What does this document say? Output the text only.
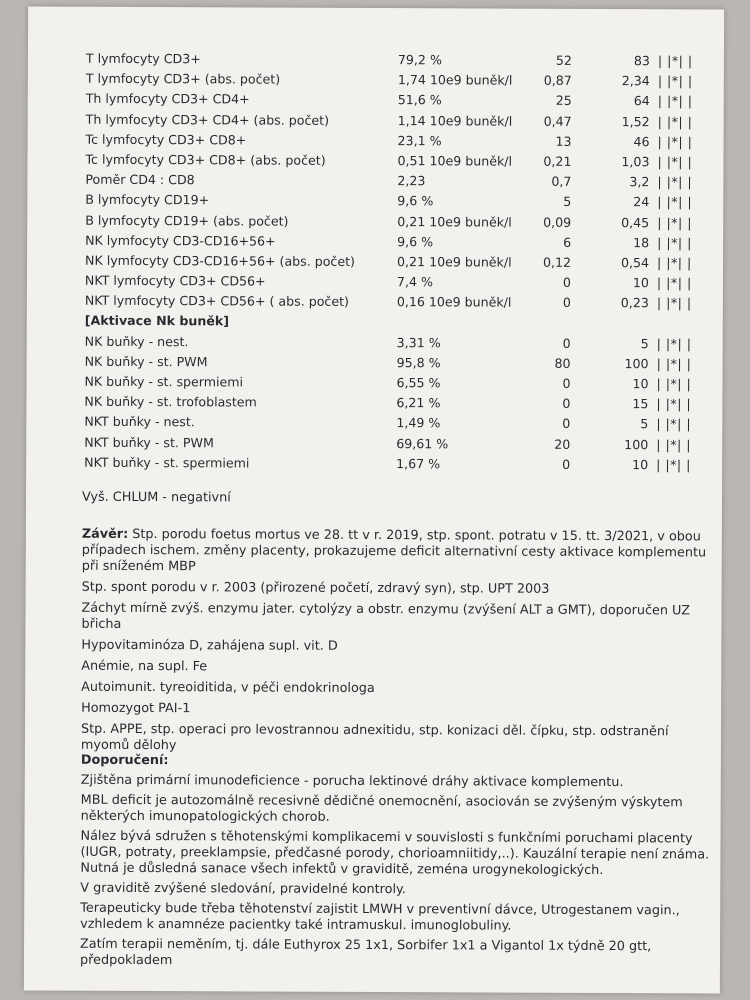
T lymfocyty CD3+	79,2 %	52	83 | |*| |
T lymfocyty CD3+ (abs. počet)	1,74 10e9 buněk/l	0,87	2,34 | |*| |
Th lymfocyty CD3+ CD4+	51,6 %	25	64 | |*| |
Th lymfocyty CD3+ CD4+ (abs. počet)	1,14 10e9 buněk/l	0,47	1,52 | |*| |
Tc lymfocyty CD3+ CD8+	23,1 %	13	46 | |*| |
Tc lymfocyty CD3+ CD8+ (abs. počet)	0,51 10e9 buněk/l	0,21	1,03 | |*| |
Poměr CD4 : CD8	2,23	0,7	3,2 | |*| |
B lymfocyty CD19+	9,6 %	5	24 | |*| |
B lymfocyty CD19+ (abs. počet)	0,21 10e9 buněk/l	0,09	0,45 | |*| |
NK lymfocyty CD3-CD16+56+	9,6 %	6	18 | |*| |
NK lymfocyty CD3-CD16+56+ (abs. počet)	0,21 10e9 buněk/l	0,12	0,54 | |*| |
NKT lymfocyty CD3+ CD56+	7,4 %	0	10 | |*| |
NKT lymfocyty CD3+ CD56+ ( abs. počet)	0,16 10e9 buněk/l	0	0,23 | |*| |
[Aktivace Nk buněk]
NK buňky - nest.	3,31 %	0	5 | |*| |
NK buňky - st. PWM	95,8 %	80	100 | |*| |
NK buňky - st. spermiemi	6,55 %	0	10 | |*| |
NK buňky - st. trofoblastem	6,21 %	0	15 | |*| |
NKT buňky - nest.	1,49 %	0	5 | |*| |
NKT buňky - st. PWM	69,61 %	20	100 | |*| |
NKT buňky - st. spermiemi	1,67 %	0	10 | |*| |
Vyš. CHLUM - negativní

Závěr: Stp. porodu foetus mortus ve 28. tt v r. 2019, stp. spont. potratu v 15. tt. 3/2021, v obou případech ischem. změny placenty, prokazujeme deficit alternativní cesty aktivace komplementu při sníženém MBP

Stp. spont porodu v r. 2003 (přirozené početí, zdravý syn), stp. UPT 2003

Záchyt mírně zvýš. enzymu jater. cytolýzy a obstr. enzymu (zvýšení ALT a GMT), doporučen UZ břicha

Hypovitaminóza D, zahájena supl. vit. D

Anémie, na supl. Fe

Autoimunit. tyreoiditida, v péči endokrinologa

Homozygot PAI-1

Stp. APPE, stp. operaci pro levostrannou adnexitidu, stp. konizaci děl. čípku, stp. odstranění myomů dělohy

Doporučení:

Zjištěna primární imunodeficience - porucha lektinové dráhy aktivace komplementu.

MBL deficit je autozomálně recesivně dědičné onemocnění, asociován se zvýšeným výskytem některých imunopatologických chorob.

Nález bývá sdružen s těhotenskými komplikacemi v souvislosti s funkčními poruchami placenty (IUGR, potraty, preeklampsie, předčasné porody, chorioamniitidy,..). Kauzální terapie není známa. Nutná je důsledná sanace všech infektů v graviditě, zeména urogynekologických.

V graviditě zvýšené sledování, pravidelné kontroly.

Terapeuticky bude třeba těhotenství zajistit LMWH v preventivní dávce, Utrogestanem vagin., vzhledem k anamnéze pacientky také intramuskul. imunoglobuliny.

Zatím terapii neměním, tj. dále Euthyrox 25 1x1, Sorbifer 1x1 a Vigantol 1x týdně 20 gtt, předpokladem
